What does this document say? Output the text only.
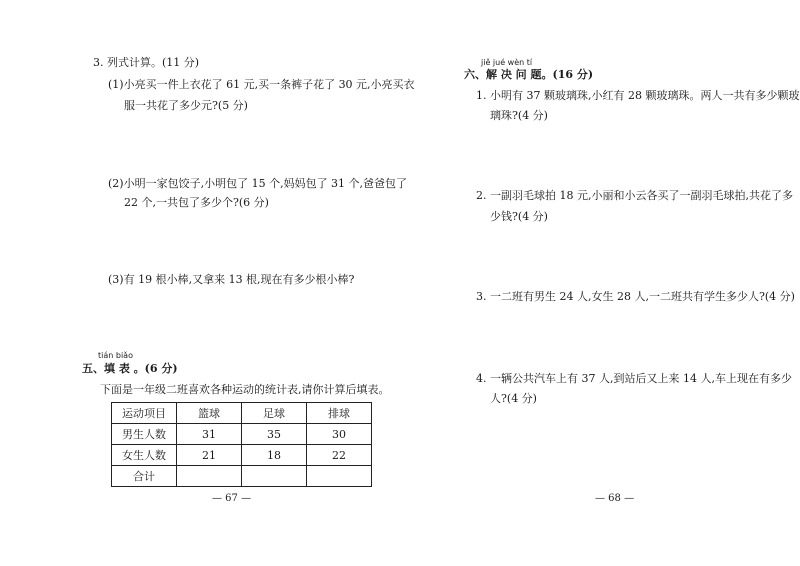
3. 列式计算。(11 分)
(1)小亮买一件上衣花了 61 元,买一条裤子花了 30 元,小亮买衣
服一共花了多少元?(5 分)
(2)小明一家包饺子,小明包了 15 个,妈妈包了 31 个,爸爸包了
22 个,一共包了多少个?(6 分)
(3)有 19 根小棒,又拿来 13 根,现在有多少根小棒?
tián biǎo
五、填 表 。(6 分)
下面是一年级二班喜欢各种运动的统计表,请你计算后填表。
运动项目	篮球	足球	排球
男生人数	31	35	30
女生人数	21	18	22
合计			
— 67 —
jiě jué wèn tí
六、解 决 问 题。(16 分)
1. 小明有 37 颗玻璃珠,小红有 28 颗玻璃珠。两人一共有多少颗玻
璃珠?(4 分)
2. 一副羽毛球拍 18 元,小丽和小云各买了一副羽毛球拍,共花了多
少钱?(4 分)
3. 一二班有男生 24 人,女生 28 人,一二班共有学生多少人?(4 分)
4. 一辆公共汽车上有 37 人,到站后又上来 14 人,车上现在有多少
人?(4 分)
— 68 —
